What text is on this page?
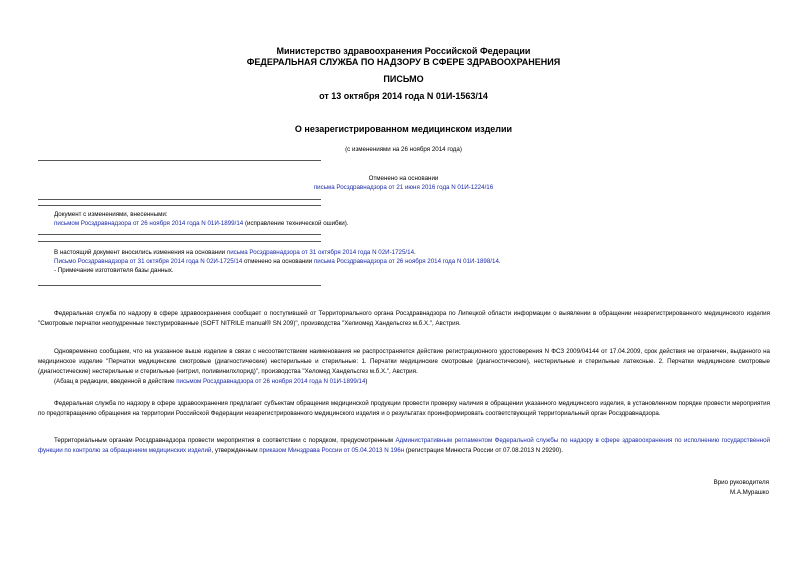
Министерство здравоохранения Российской Федерации
ФЕДЕРАЛЬНАЯ СЛУЖБА ПО НАДЗОРУ В СФЕРЕ ЗДРАВООХРАНЕНИЯ
ПИСЬМО
от 13 октября 2014 года N 01И-1563/14
О незарегистрированном медицинском изделии
(с изменениями на 26 ноября 2014 года)
Отменено на основании
письма Росздравнадзора от 21 июня 2016 года N 01И-1224/16
Документ с изменениями, внесенными:
письмом Росздравнадзора от 26 ноября 2014 года N 01И-1899/14 (исправление технической ошибки).
В настоящий документ вносились изменения на основании письма Росздравнадзора от 31 октября 2014 года N 02И-1725/14.
Письмо Росздравнадзора от 31 октября 2014 года N 02И-1725/14 отменено на основании письма Росздравнадзора от 26 ноября 2014 года N 01И-1898/14.
- Примечание изготовителя базы данных.
Федеральная служба по надзору в сфере здравоохранения сообщает о поступившей от Территориального органа Росздравнадзора по Липецкой области информации о выявлении в обращении незарегистрированного медицинского изделия "Смотровые перчатки неопудренные текстурированные (SOFT NITRILE manual® SN 209)", производства "Хелиомед Хандельсгез м.б.Х.", Австрия.
Одновременно сообщаем, что на указанное выше изделие в связи с несоответствием наименования не распространяется действие регистрационного удостоверения N ФСЗ 2009/04144 от 17.04.2009, срок действия не ограничен, выданного на медицинское изделие "Перчатки медицинские смотровые (диагностические) нестерильные и стерильные: 1. Перчатки медицинские смотровые (диагностические), нестерильные и стерильные латексные. 2. Перчатки медицинские смотровые (диагностические) нестерильные и стерильные (нитрил, поливинилхлорид)", производства "Хеломед Хандельсгез м.б.Х.", Австрия.
(Абзац в редакции, введенной в действие письмом Росздравнадзора от 26 ноября 2014 года N 01И-1899/14)
Федеральная служба по надзору в сфере здравоохранения предлагает субъектам обращения медицинской продукции провести проверку наличия в обращении указанного медицинского изделия, в установленном порядке провести мероприятия по предотвращению обращения на территории Российской Федерации незарегистрированного медицинского изделия и о результатах проинформировать соответствующий территориальный орган Росздравнадзора.
Территориальным органам Росздравнадзора провести мероприятия в соответствии с порядком, предусмотренным Административным регламентом Федеральной службы по надзору в сфере здравоохранения по исполнению государственной функции по контролю за обращением медицинских изделий, утвержденным приказом Минздрава России от 05.04.2013 N 196н (регистрация Минюста России от 07.08.2013 N 29290).
Врио руководителя
М.А.Мурашко
